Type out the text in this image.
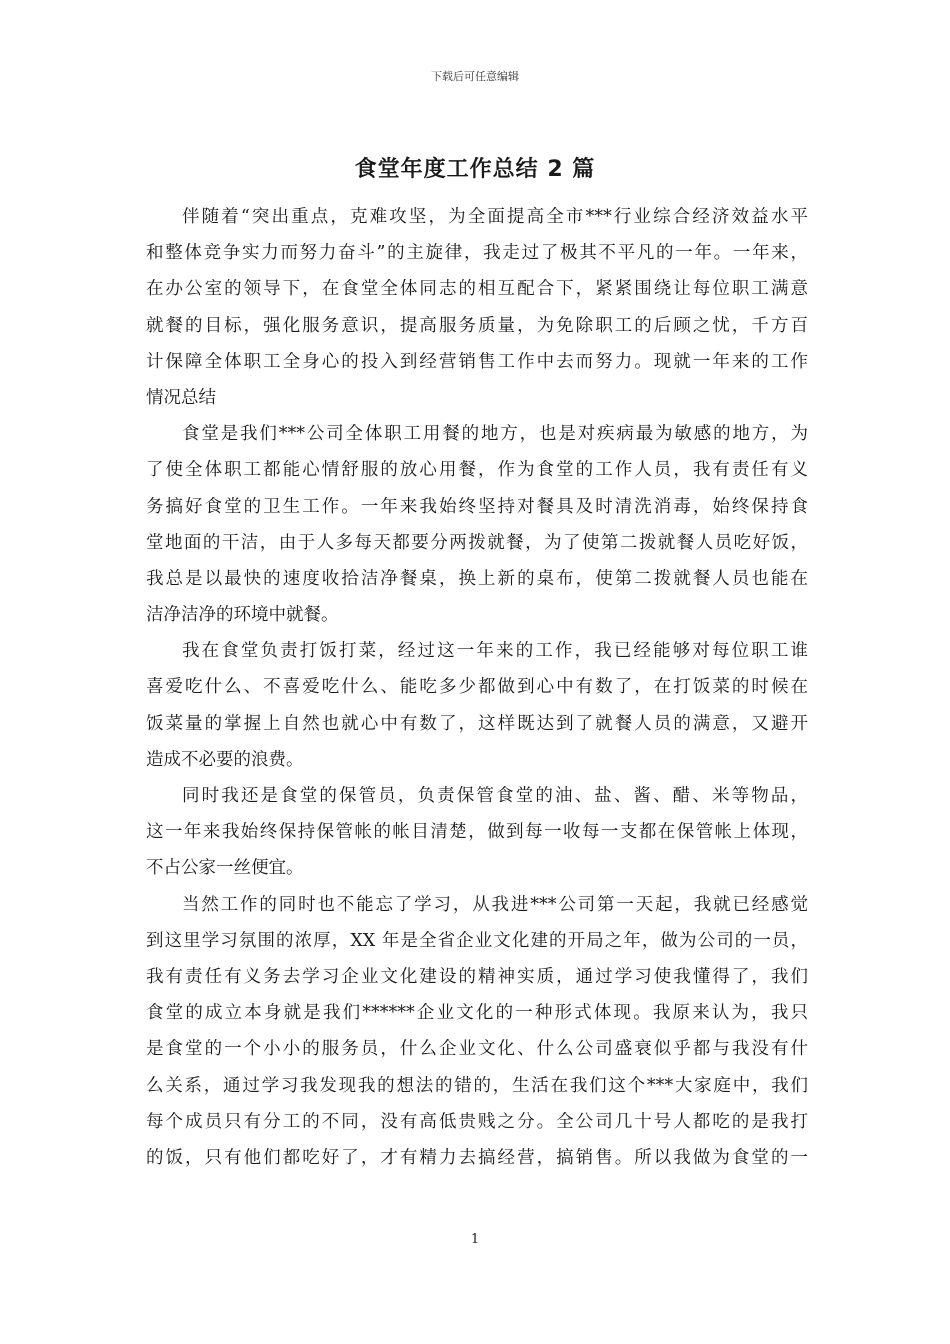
下载后可任意编辑
食堂年度工作总结 2 篇
伴随着“突出重点，克难攻坚，为全面提高全市***行业综合经济效益水平
和整体竞争实力而努力奋斗”的主旋律，我走过了极其不平凡的一年。一年来，
在办公室的领导下，在食堂全体同志的相互配合下，紧紧围绕让每位职工满意
就餐的目标，强化服务意识，提高服务质量，为免除职工的后顾之忧，千方百
计保障全体职工全身心的投入到经营销售工作中去而努力。现就一年来的工作
情况总结
食堂是我们***公司全体职工用餐的地方，也是对疾病最为敏感的地方，为
了使全体职工都能心情舒服的放心用餐，作为食堂的工作人员，我有责任有义
务搞好食堂的卫生工作。一年来我始终坚持对餐具及时清洗消毒，始终保持食
堂地面的干洁，由于人多每天都要分两拨就餐，为了使第二拨就餐人员吃好饭，
我总是以最快的速度收拾洁净餐桌，换上新的桌布，使第二拨就餐人员也能在
洁净洁净的环境中就餐。
我在食堂负责打饭打菜，经过这一年来的工作，我已经能够对每位职工谁
喜爱吃什么、不喜爱吃什么、能吃多少都做到心中有数了，在打饭菜的时候在
饭菜量的掌握上自然也就心中有数了，这样既达到了就餐人员的满意，又避开
造成不必要的浪费。
同时我还是食堂的保管员，负责保管食堂的油、盐、酱、醋、米等物品，
这一年来我始终保持保管帐的帐目清楚，做到每一收每一支都在保管帐上体现，
不占公家一丝便宜。
当然工作的同时也不能忘了学习，从我进***公司第一天起，我就已经感觉
到这里学习氛围的浓厚，XX 年是全省企业文化建的开局之年，做为公司的一员，
我有责任有义务去学习企业文化建设的精神实质，通过学习使我懂得了，我们
食堂的成立本身就是我们******企业文化的一种形式体现。我原来认为，我只
是食堂的一个小小的服务员，什么企业文化、什么公司盛衰似乎都与我没有什
么关系，通过学习我发现我的想法的错的，生活在我们这个***大家庭中，我们
每个成员只有分工的不同，没有高低贵贱之分。全公司几十号人都吃的是我打
的饭，只有他们都吃好了，才有精力去搞经营，搞销售。所以我做为食堂的一
1
